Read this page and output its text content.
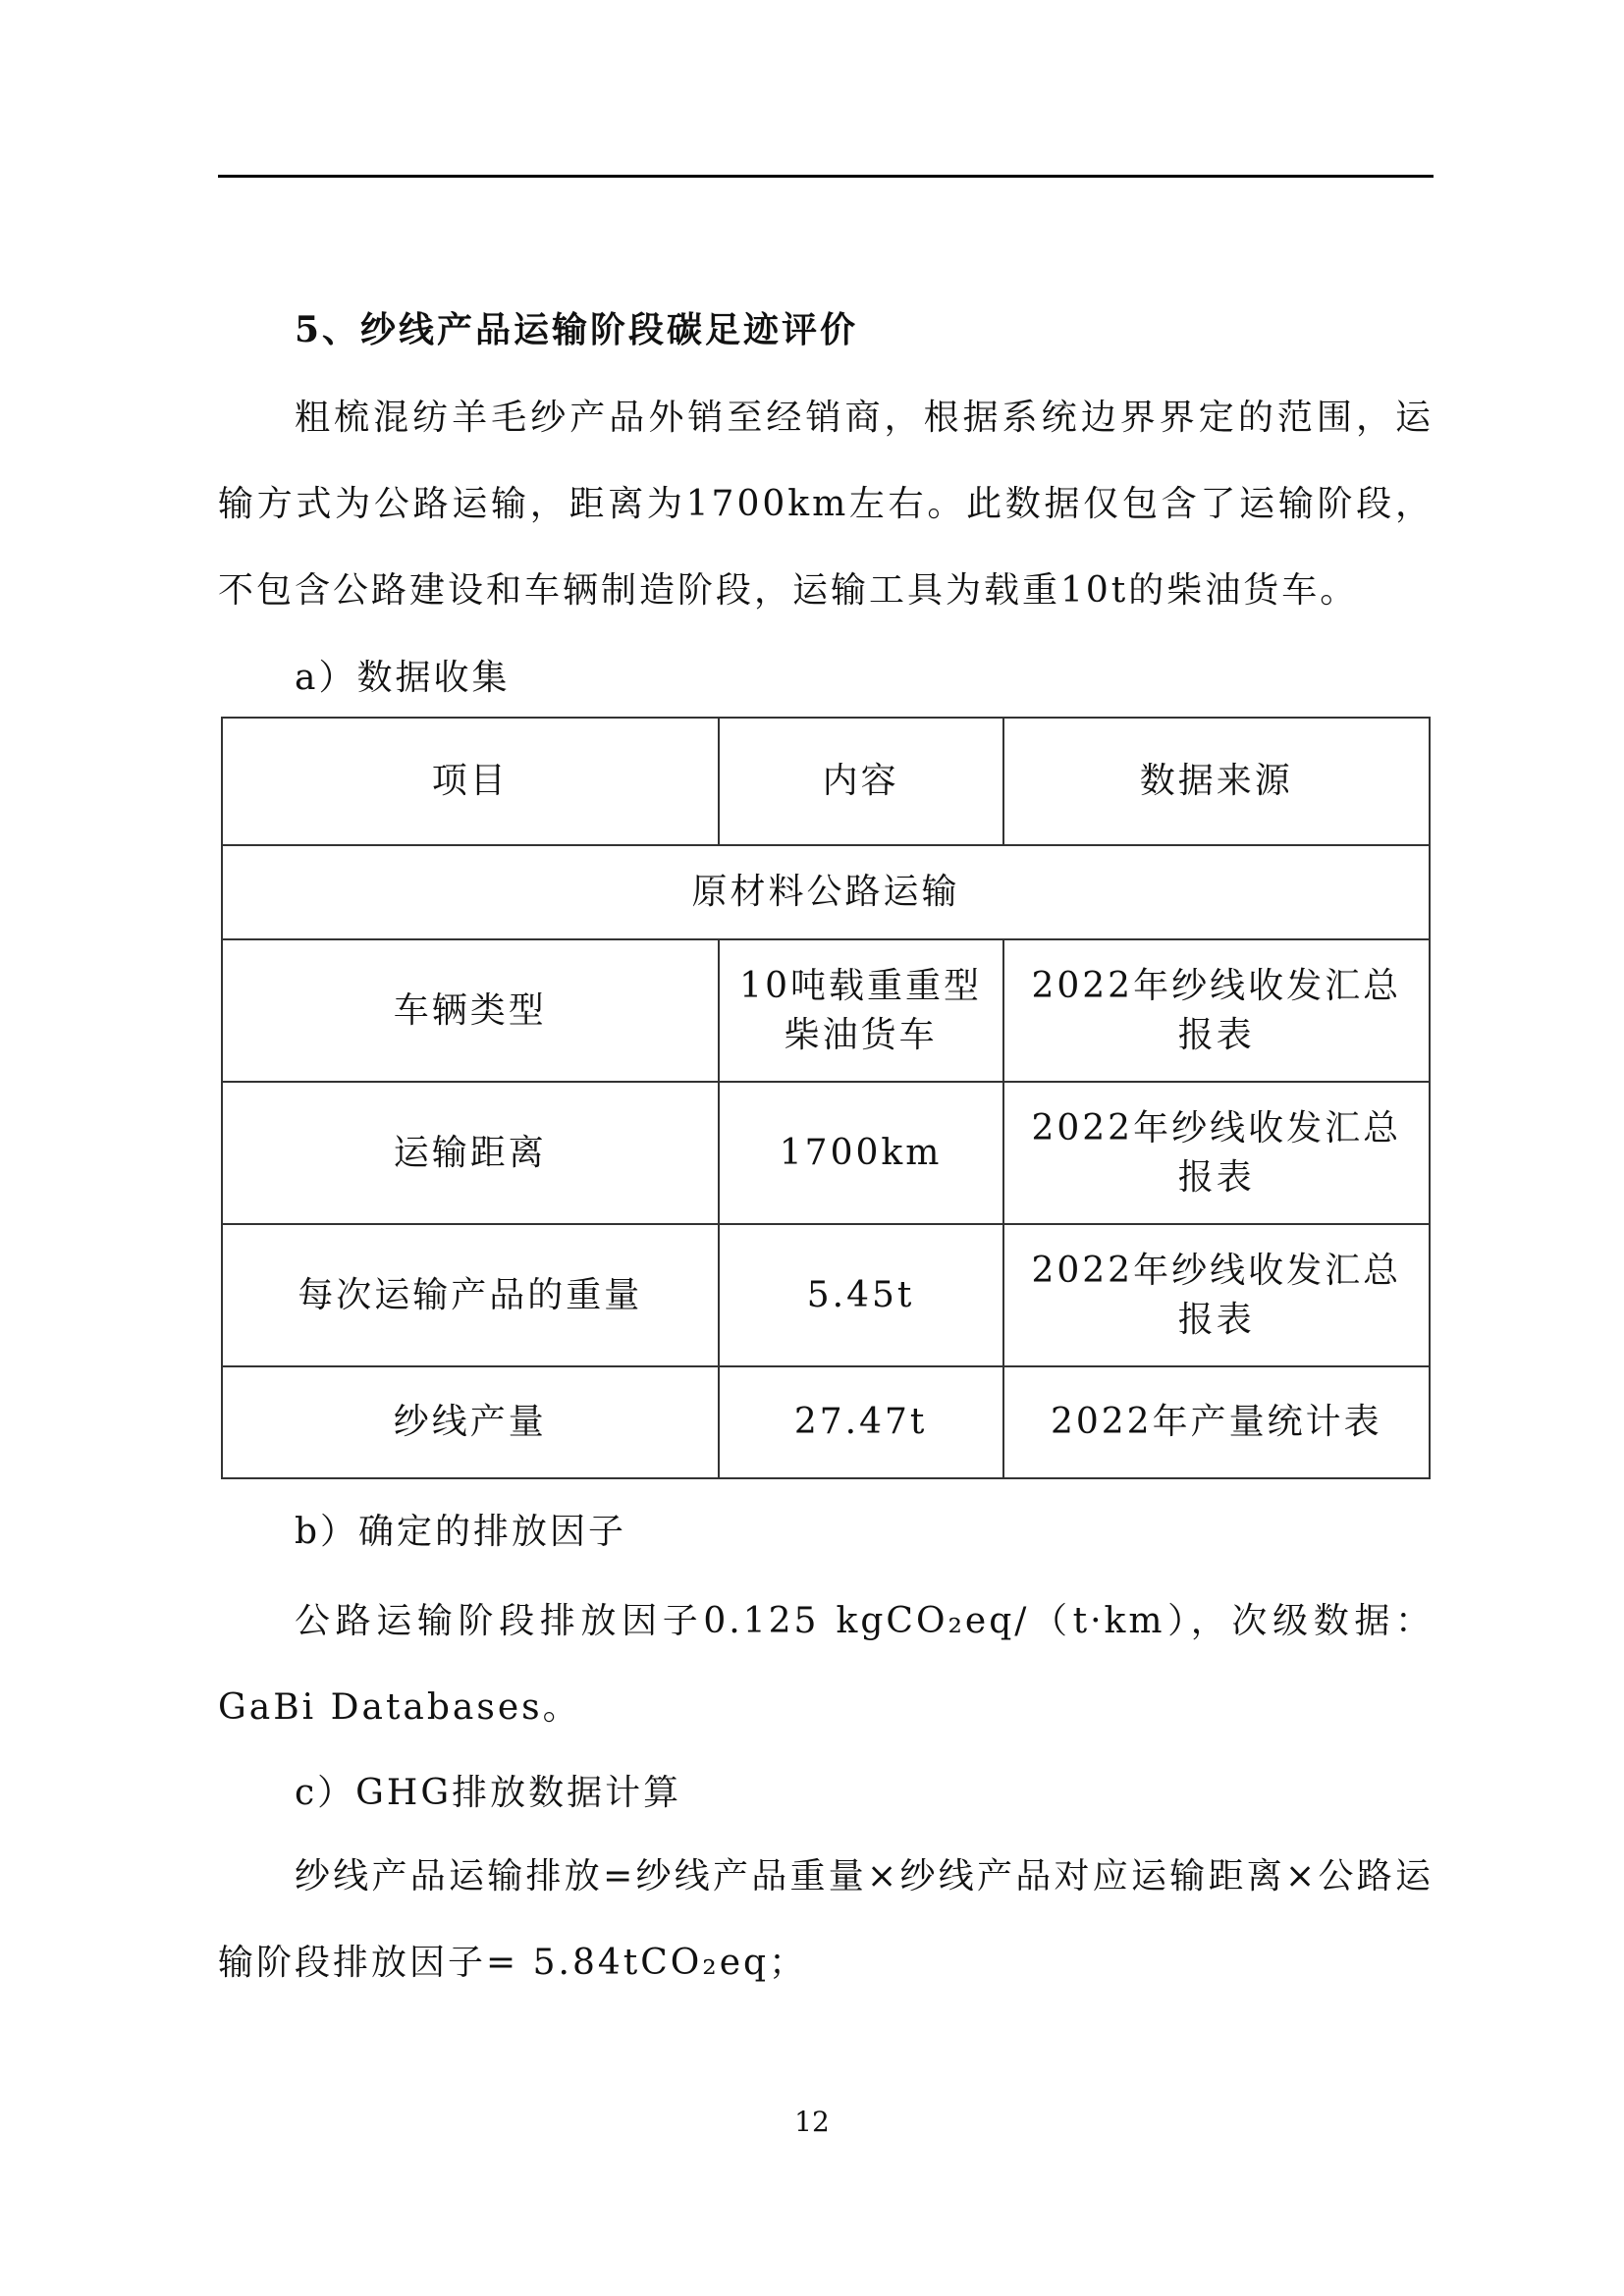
5、纱线产品运输阶段碳足迹评价
粗梳混纺羊毛纱产品外销至经销商，根据系统边界界定的范围，运输方式为公路运输，距离为1700km左右。此数据仅包含了运输阶段，不包含公路建设和车辆制造阶段，运输工具为载重10t的柴油货车。
a）数据收集
项目	内容	数据来源
原材料公路运输		
车辆类型	10吨载重重型柴油货车	2022年纱线收发汇总报表
运输距离	1700km	2022年纱线收发汇总报表
每次运输产品的重量	5.45t	2022年纱线收发汇总报表
纱线产量	27.47t	2022年产量统计表
b）确定的排放因子
公路运输阶段排放因子0.125 kgCO₂eq/（t·km），次级数据：GaBi Databases。
c）GHG排放数据计算
纱线产品运输排放=纱线产品重量×纱线产品对应运输距离×公路运输阶段排放因子= 5.84tCO₂eq；
12
